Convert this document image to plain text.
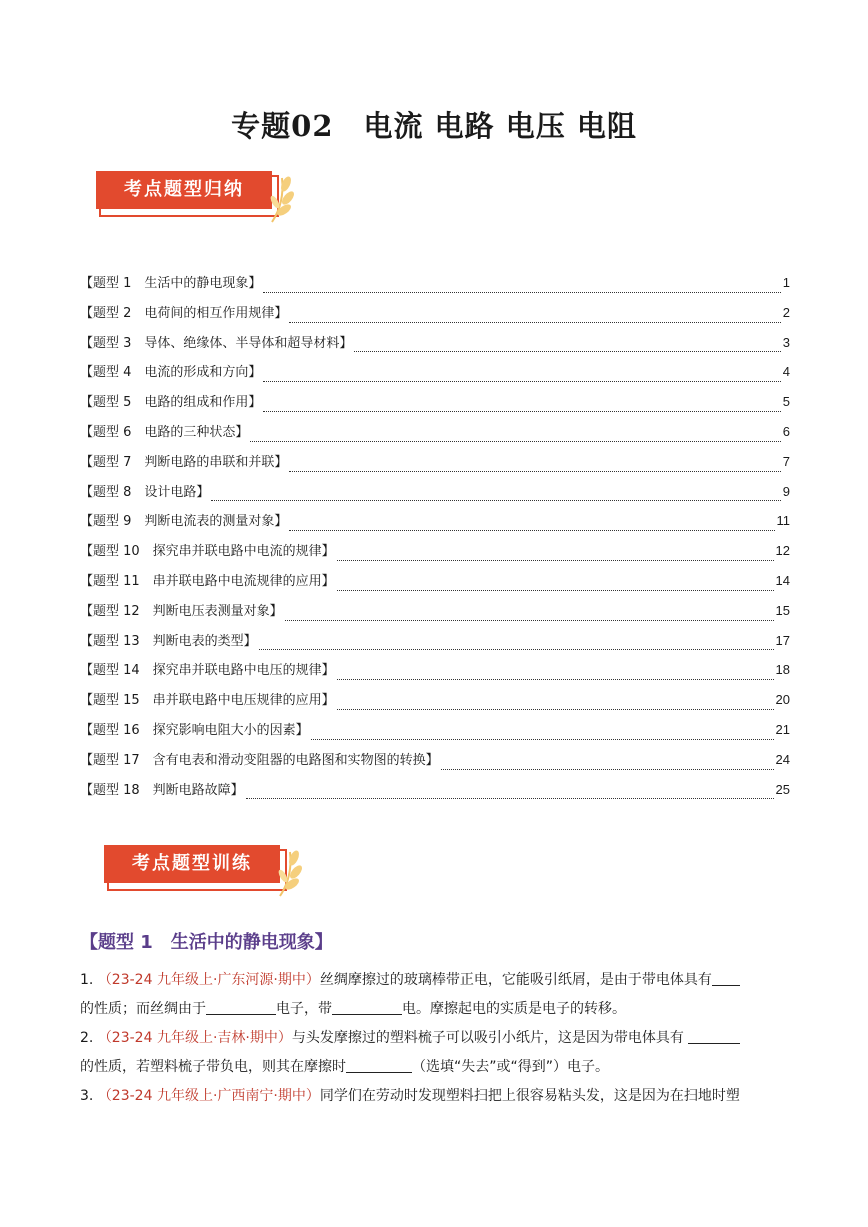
专题02　电流 电路 电压 电阻
考点题型归纳
【题型 1　生活中的静电现象】	1
【题型 2　电荷间的相互作用规律】	2
【题型 3　导体、绝缘体、半导体和超导材料】	3
【题型 4　电流的形成和方向】	4
【题型 5　电路的组成和作用】	5
【题型 6　电路的三种状态】	6
【题型 7　判断电路的串联和并联】	7
【题型 8　设计电路】	9
【题型 9　判断电流表的测量对象】	11
【题型 10　探究串并联电路中电流的规律】	12
【题型 11　串并联电路中电流规律的应用】	14
【题型 12　判断电压表测量对象】	15
【题型 13　判断电表的类型】	17
【题型 14　探究串并联电路中电压的规律】	18
【题型 15　串并联电路中电压规律的应用】	20
【题型 16　探究影响电阻大小的因素】	21
【题型 17　含有电表和滑动变阻器的电路图和实物图的转换】	24
【题型 18　判断电路故障】	25
考点题型训练
【题型 1　生活中的静电现象】

1. （23-24 九年级上·广东河源·期中）丝绸摩擦过的玻璃棒带正电，它能吸引纸屑，是由于带电体具有
的性质；而丝绸由于	电子，带	电。摩擦起电的实质是电子的转移。

2. （23-24 九年级上·吉林·期中）与头发摩擦过的塑料梳子可以吸引小纸片，这是因为带电体具有
的性质，若塑料梳子带负电，则其在摩擦时	（选填“失去”或“得到”）电子。

3. （23-24 九年级上·广西南宁·期中）同学们在劳动时发现塑料扫把上很容易粘头发，这是因为在扫地时塑
